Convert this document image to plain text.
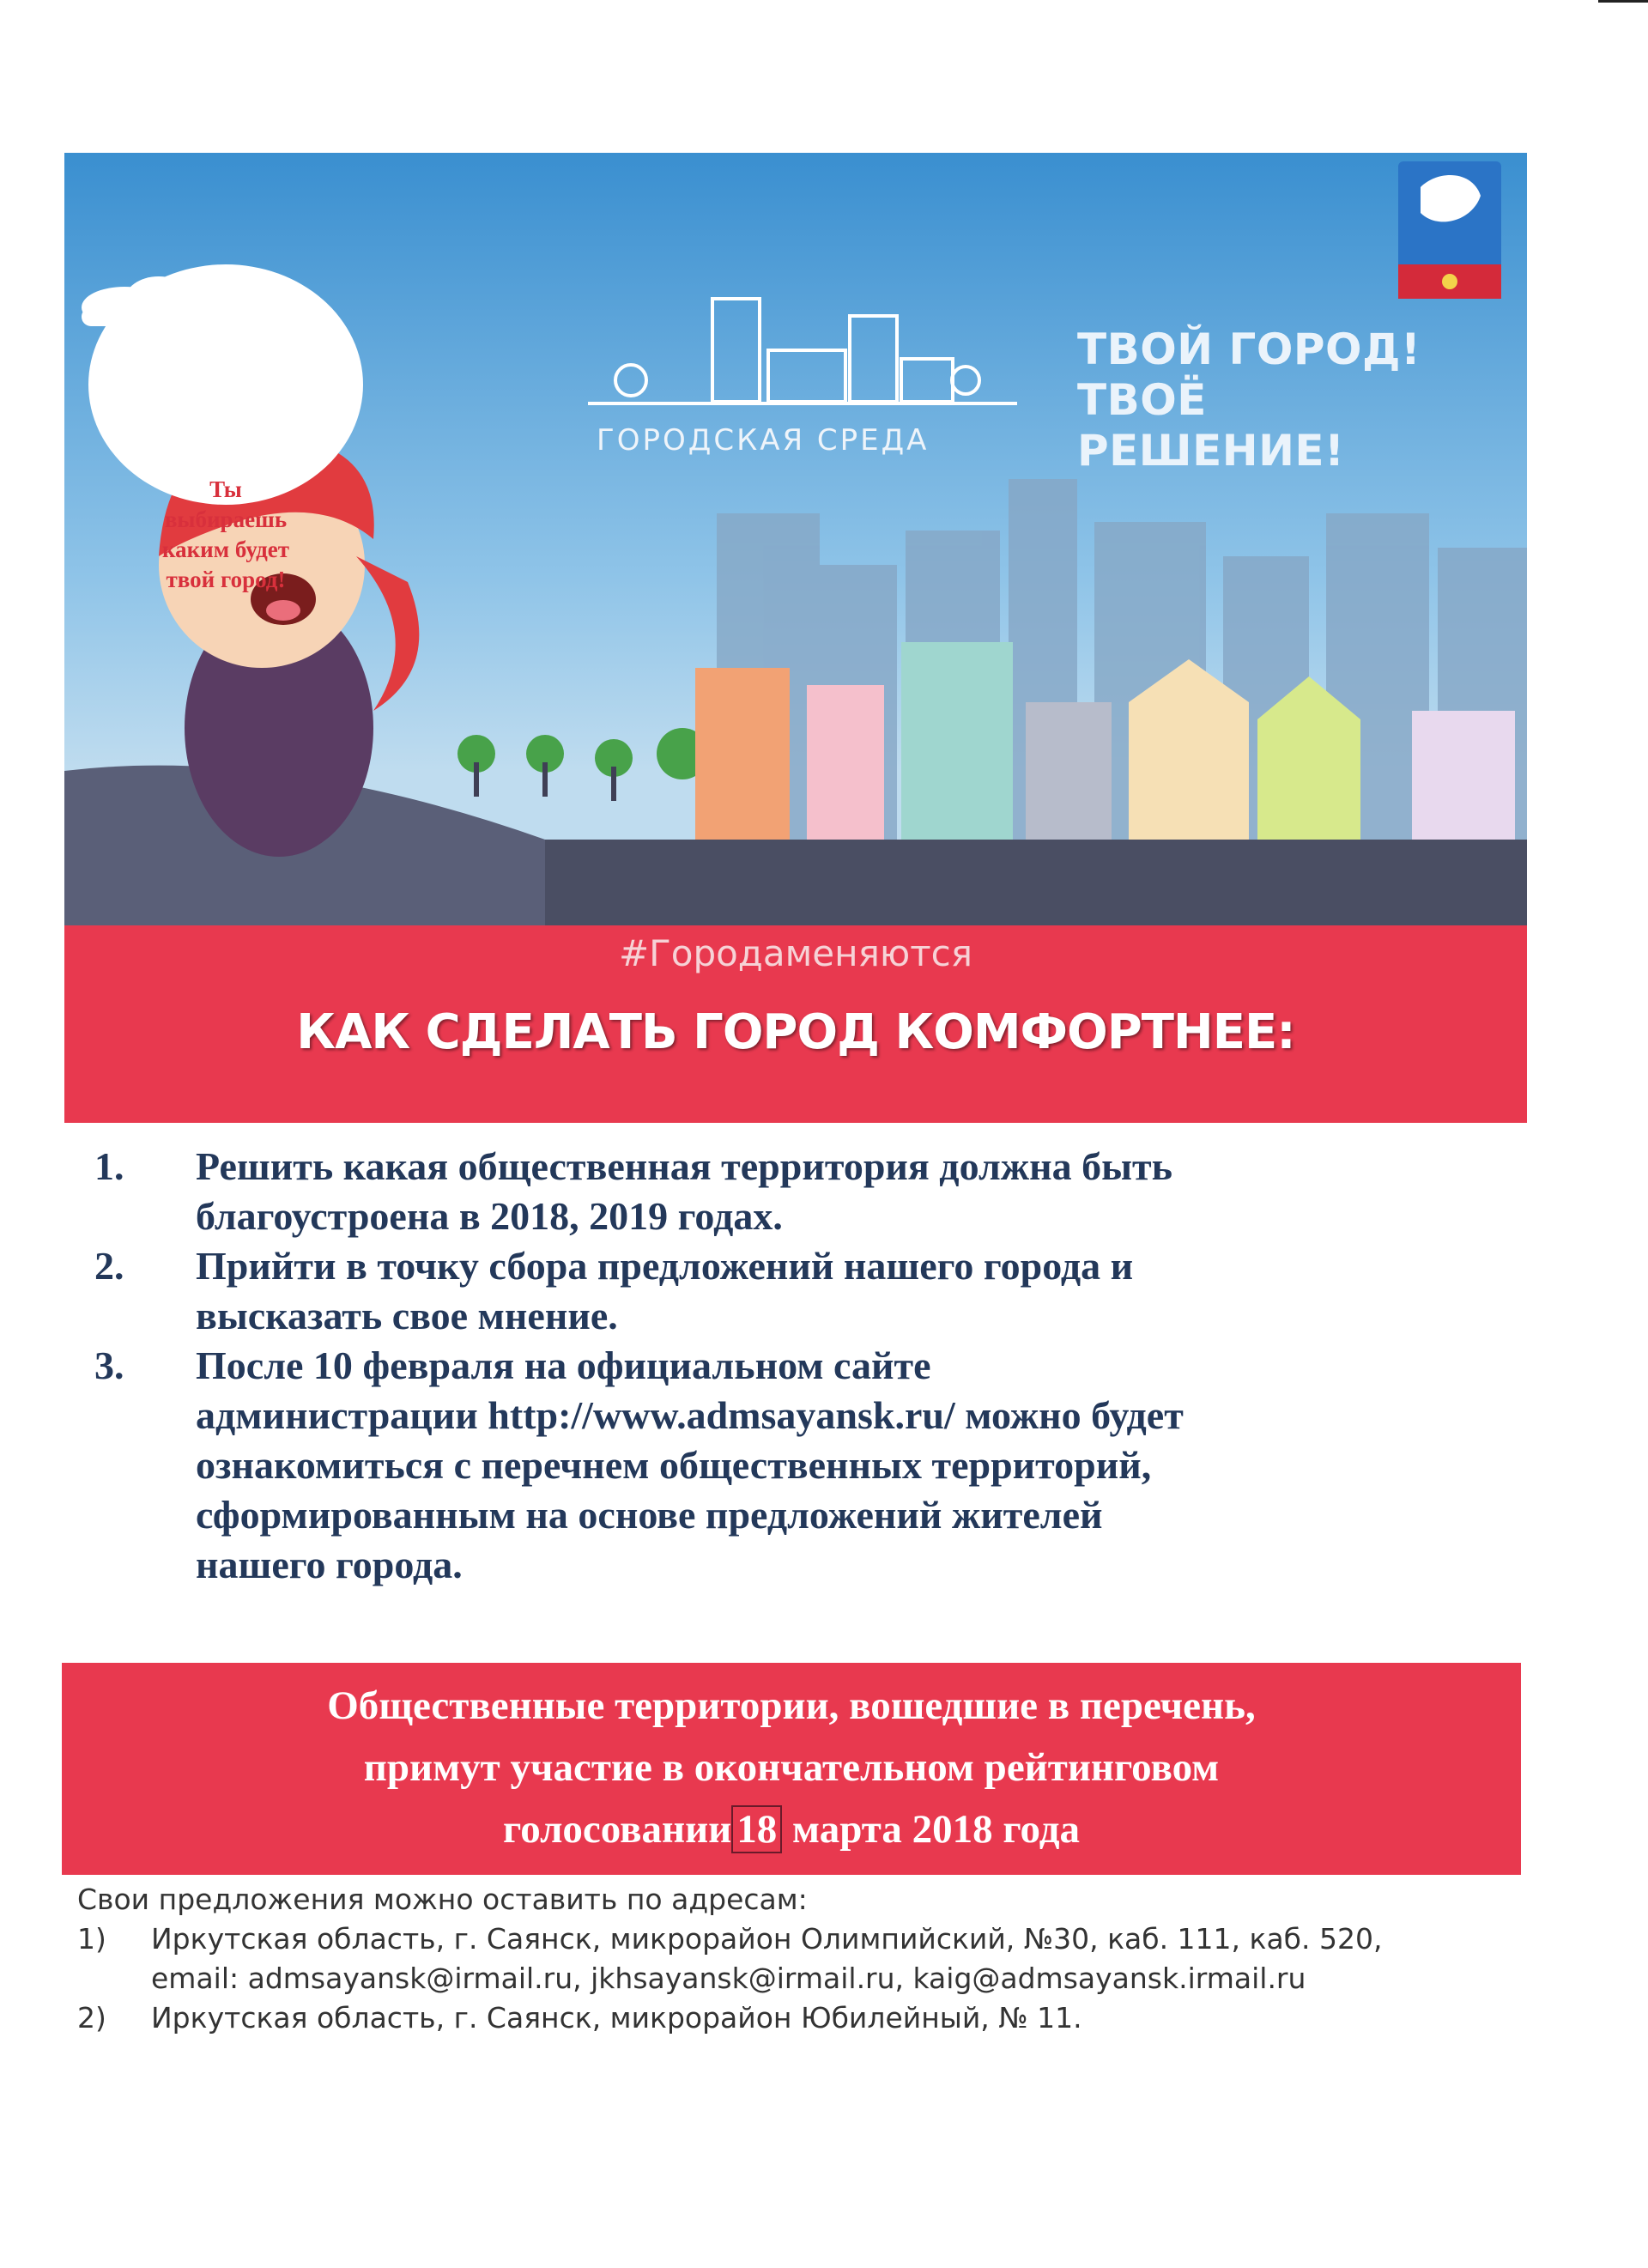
Ты
выбираешь
каким будет
твой город!
ГОРОДСКАЯ СРЕДА
ТВОЙ ГОРОД!
ТВОЁ РЕШЕНИЕ!
#Городаменяются
КАК СДЕЛАТЬ ГОРОД КОМФОРТНЕЕ:
1. Решить какая общественная территория должна быть
благоустроена в 2018, 2019 годах.
2. Прийти в точку сбора предложений нашего города и
высказать свое мнение.
3. После 10 февраля на официальном сайте
администрации http://www.admsayansk.ru/ можно будет
ознакомиться с перечнем общественных территорий,
сформированным на основе предложений жителей
нашего города.
Общественные территории, вошедшие в перечень,
примут участие в окончательном рейтинговом
голосовании 18 марта 2018 года
Свои предложения можно оставить по адресам:
1) Иркутская область, г. Саянск, микрорайон Олимпийский, №30, каб. 111, каб. 520,
email: admsayansk@irmail.ru, jkhsayansk@irmail.ru, kaig@admsayansk.irmail.ru
2) Иркутская область, г. Саянск, микрорайон Юбилейный, № 11.
